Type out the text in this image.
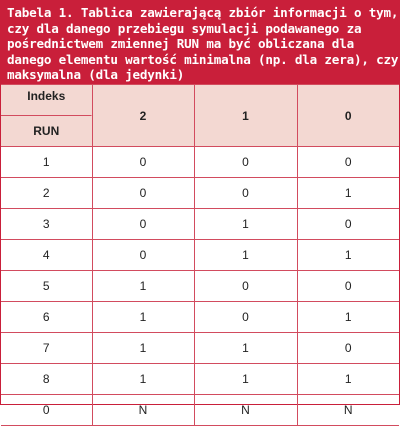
Tabela 1. Tablica zawierającą zbiór informacji o tym,
czy dla danego przebiegu symulacji podawanego za
pośrednictwem zmiennej RUN ma być obliczana dla
danego elementu wartość minimalna (np. dla zera), czy
maksymalna (dla jedynki)
Indeks
RUN	2	1	0

1	0	0	0
2	0	0	1
3	0	1	0
4	0	1	1
5	1	0	0
6	1	0	1
7	1	1	0
8	1	1	1
0	N	N	N
